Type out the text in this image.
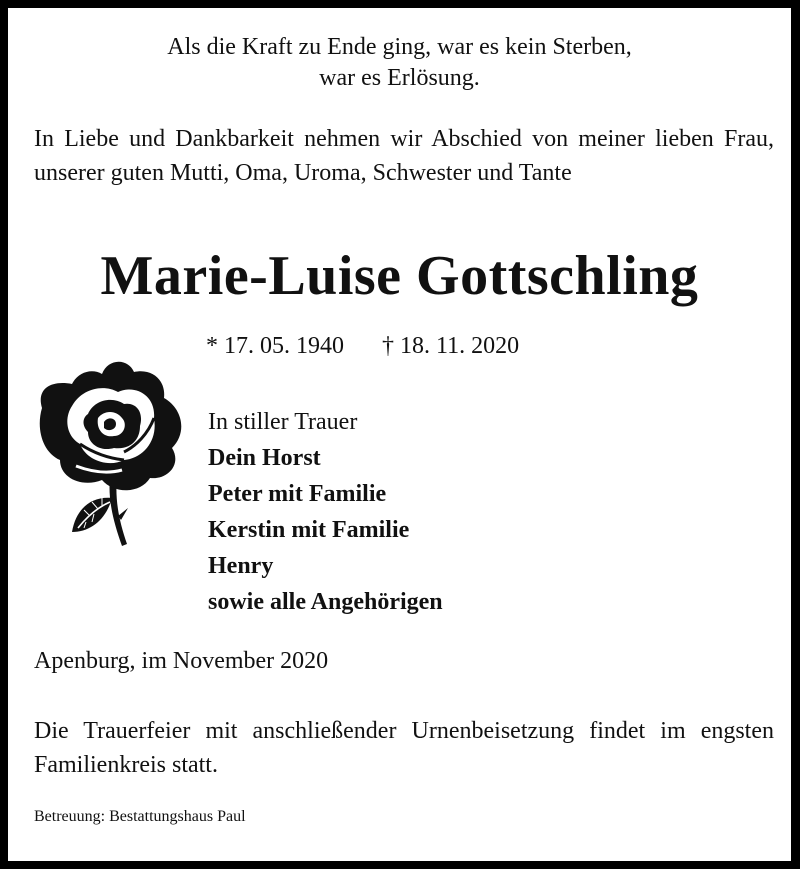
Als die Kraft zu Ende ging, war es kein Sterben,
war es Erlösung.
In Liebe und Dankbarkeit nehmen wir Abschied von meiner lieben Frau, unserer guten Mutti, Oma, Uroma, Schwester und Tante
Marie-Luise Gottschling
* 17. 05. 1940 † 18. 11. 2020
In stiller Trauer
Dein Horst
Peter mit Familie
Kerstin mit Familie
Henry
sowie alle Angehörigen
Apenburg, im November 2020
Die Trauerfeier mit anschließender Urnenbeisetzung findet im engsten Familienkreis statt.
Betreuung: Bestattungshaus Paul
